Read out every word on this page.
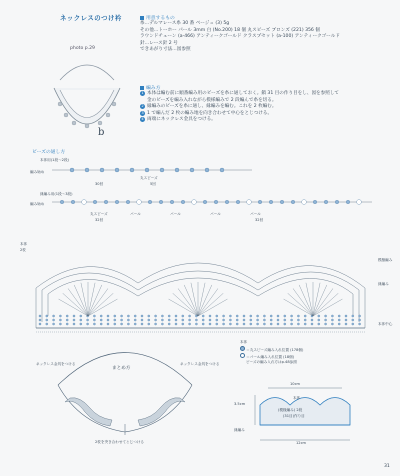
ネックレスのつけ衿
photo p.29
b
用意するもの
糸…デルマレース糸 30 番 ベージュ (3) 5g
その他…トーホー パール 3mm 白 (No.200) 18 個 丸スピーズ ブロンズ (221) 356 個
ラウンドチェーン (a-466) アンティークゴールド クラスプセット (a-100) アンティークゴールド
針…レース針 2 号
できあがり寸法…図参照
編み方
1 本体は編む前に順番編み用のビーズを糸に通しておく。鎖 31 目の作り目をし、図を参照して
金のビーズを編み入れながら模様編みで 2 段編んで糸を切る。
2 縁編みのビーズを糸に通し、縁編みを編む。これを 2 枚編む。
3 1 で編んだ 2 枚の編み地を向き合わせて中心をとじつける。
4 両端にネックレス金具をつける。
ビーズの通し方
本体用(1段～2段)
編み始め
丸スピーズ
30回	5回
縁編み用(1段～3段)
編み始め
丸スピーズ	パール	パール	パール	パール
32回	32回
本体
2枚
模様編み
縁編み
本体中心
まとめ方
ネックレス金具をつける	ネックレス金具をつける
2枚を突き合わせてとじつける
本体
＝丸スピーズ編み入れ位置 (178個)
＝パール編み入れ位置 (18個)
ビーズの編み入れ方はp.48参照
10cm
3.5cm
12cm
本体
(模様編み) 2段
(31目)作り目
縁編み
31
